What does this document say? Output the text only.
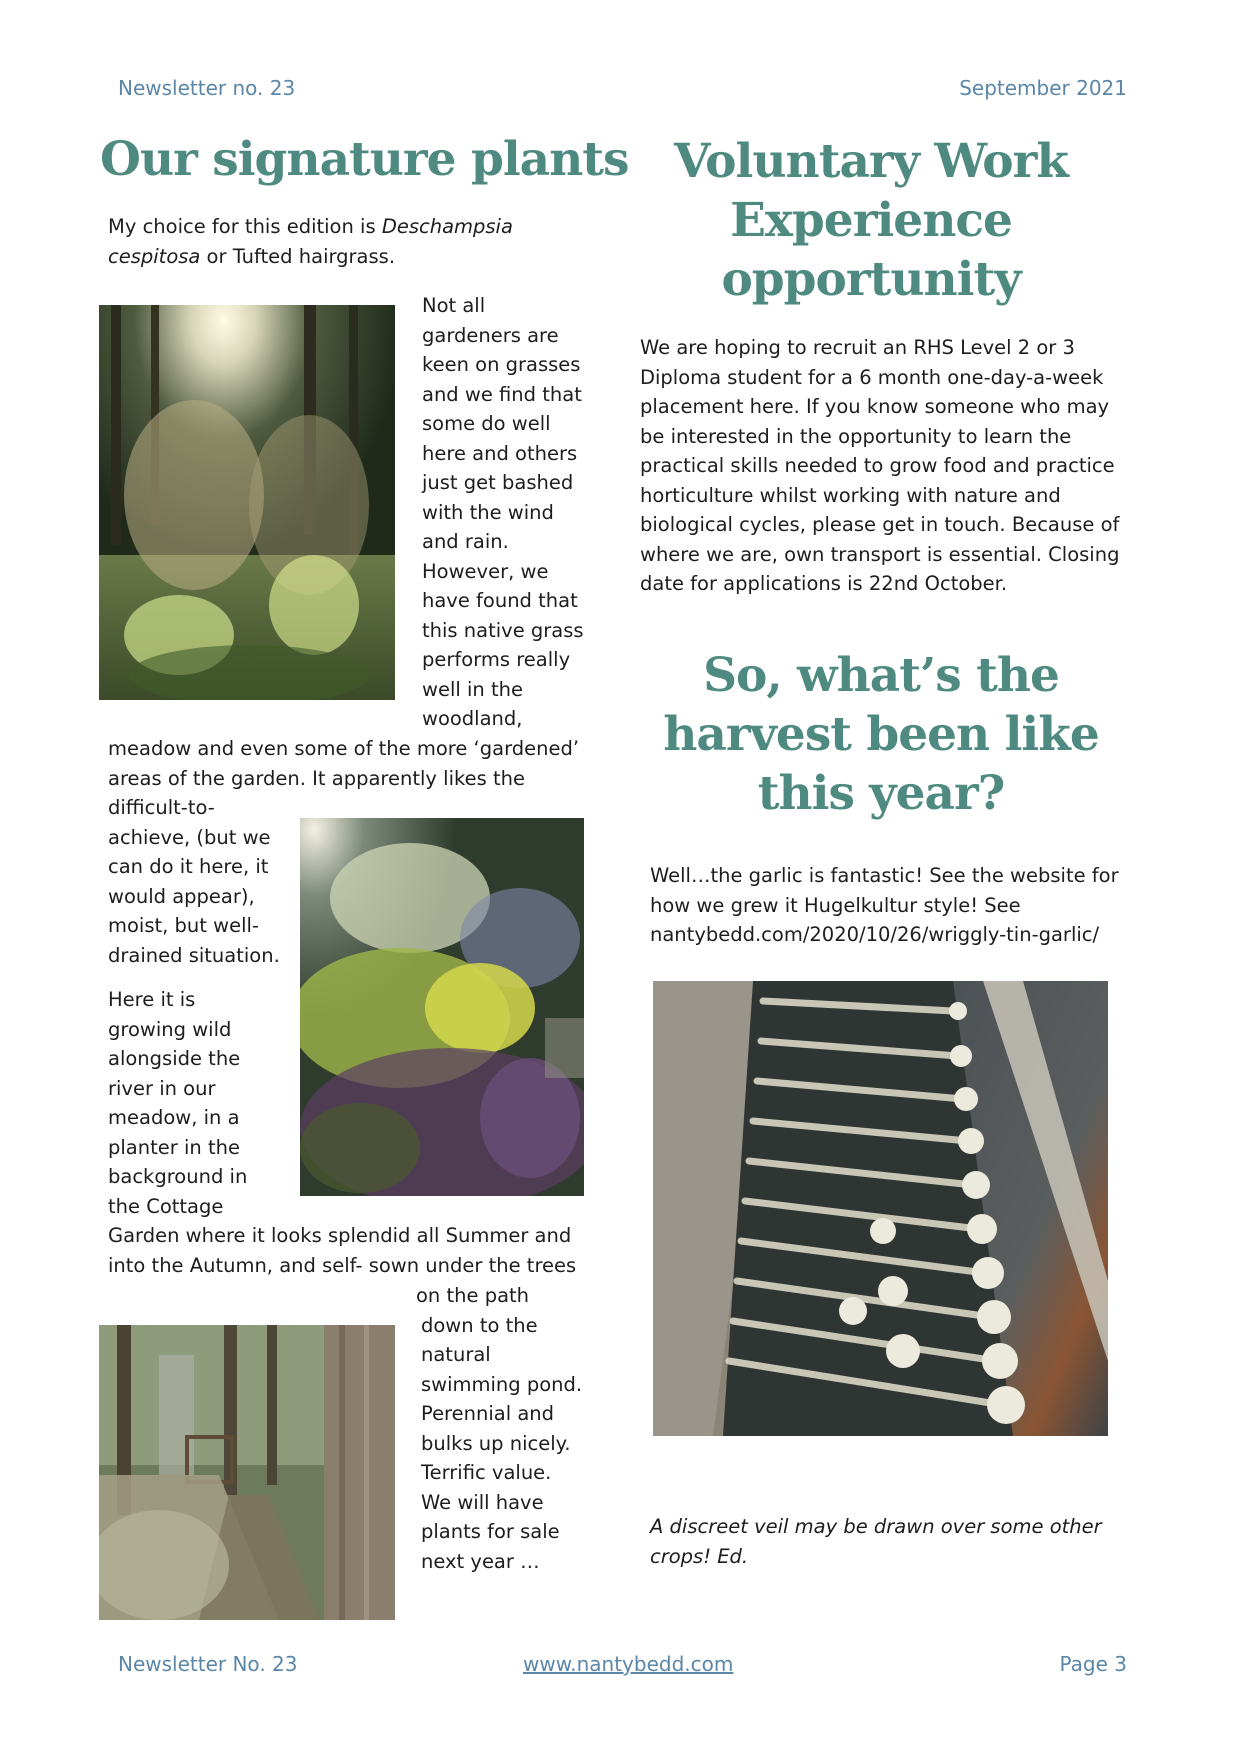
Newsletter no. 23	September 2021
Our signature plants
My choice for this edition is Deschampsia cespitosa or Tufted hairgrass.

Not all

gardeners are

keen on grasses

and we find that

some do well

here and others

just get bashed

with the wind

and rain.

However, we

have found that

this native grass

performs really

well in the

woodland,

meadow and even some of the more ‘gardened’

areas of the garden. It apparently likes the

difficult-to-

achieve, (but we

can do it here, it

would appear),

moist, but well-

drained situation.

Here it is

growing wild

alongside the

river in our

meadow, in a

planter in the

background in

the Cottage

Garden where it looks splendid all Summer and

into the Autumn, and self- sown under the trees

on the path

down to the

natural

swimming pond.

Perennial and

bulks up nicely.

Terrific value.

We will have

plants for sale

next year …

Voluntary Work
Experience
opportunity

We are hoping to recruit an RHS Level 2 or 3

Diploma student for a 6 month one-day-a-week

placement here. If you know someone who may

be interested in the opportunity to learn the

practical skills needed to grow food and practice

horticulture whilst working with nature and

biological cycles, please get in touch. Because of

where we are, own transport is essential. Closing

date for applications is 22nd October.

So, what’s the
harvest been like
this year?

Well…the garlic is fantastic! See the website for

how we grew it Hugelkultur style! See

nantybedd.com/2020/10/26/wriggly-tin-garlic/

A discreet veil may be drawn over some other

crops! Ed.

Newsletter No. 23	www.nantybedd.com	Page 3
